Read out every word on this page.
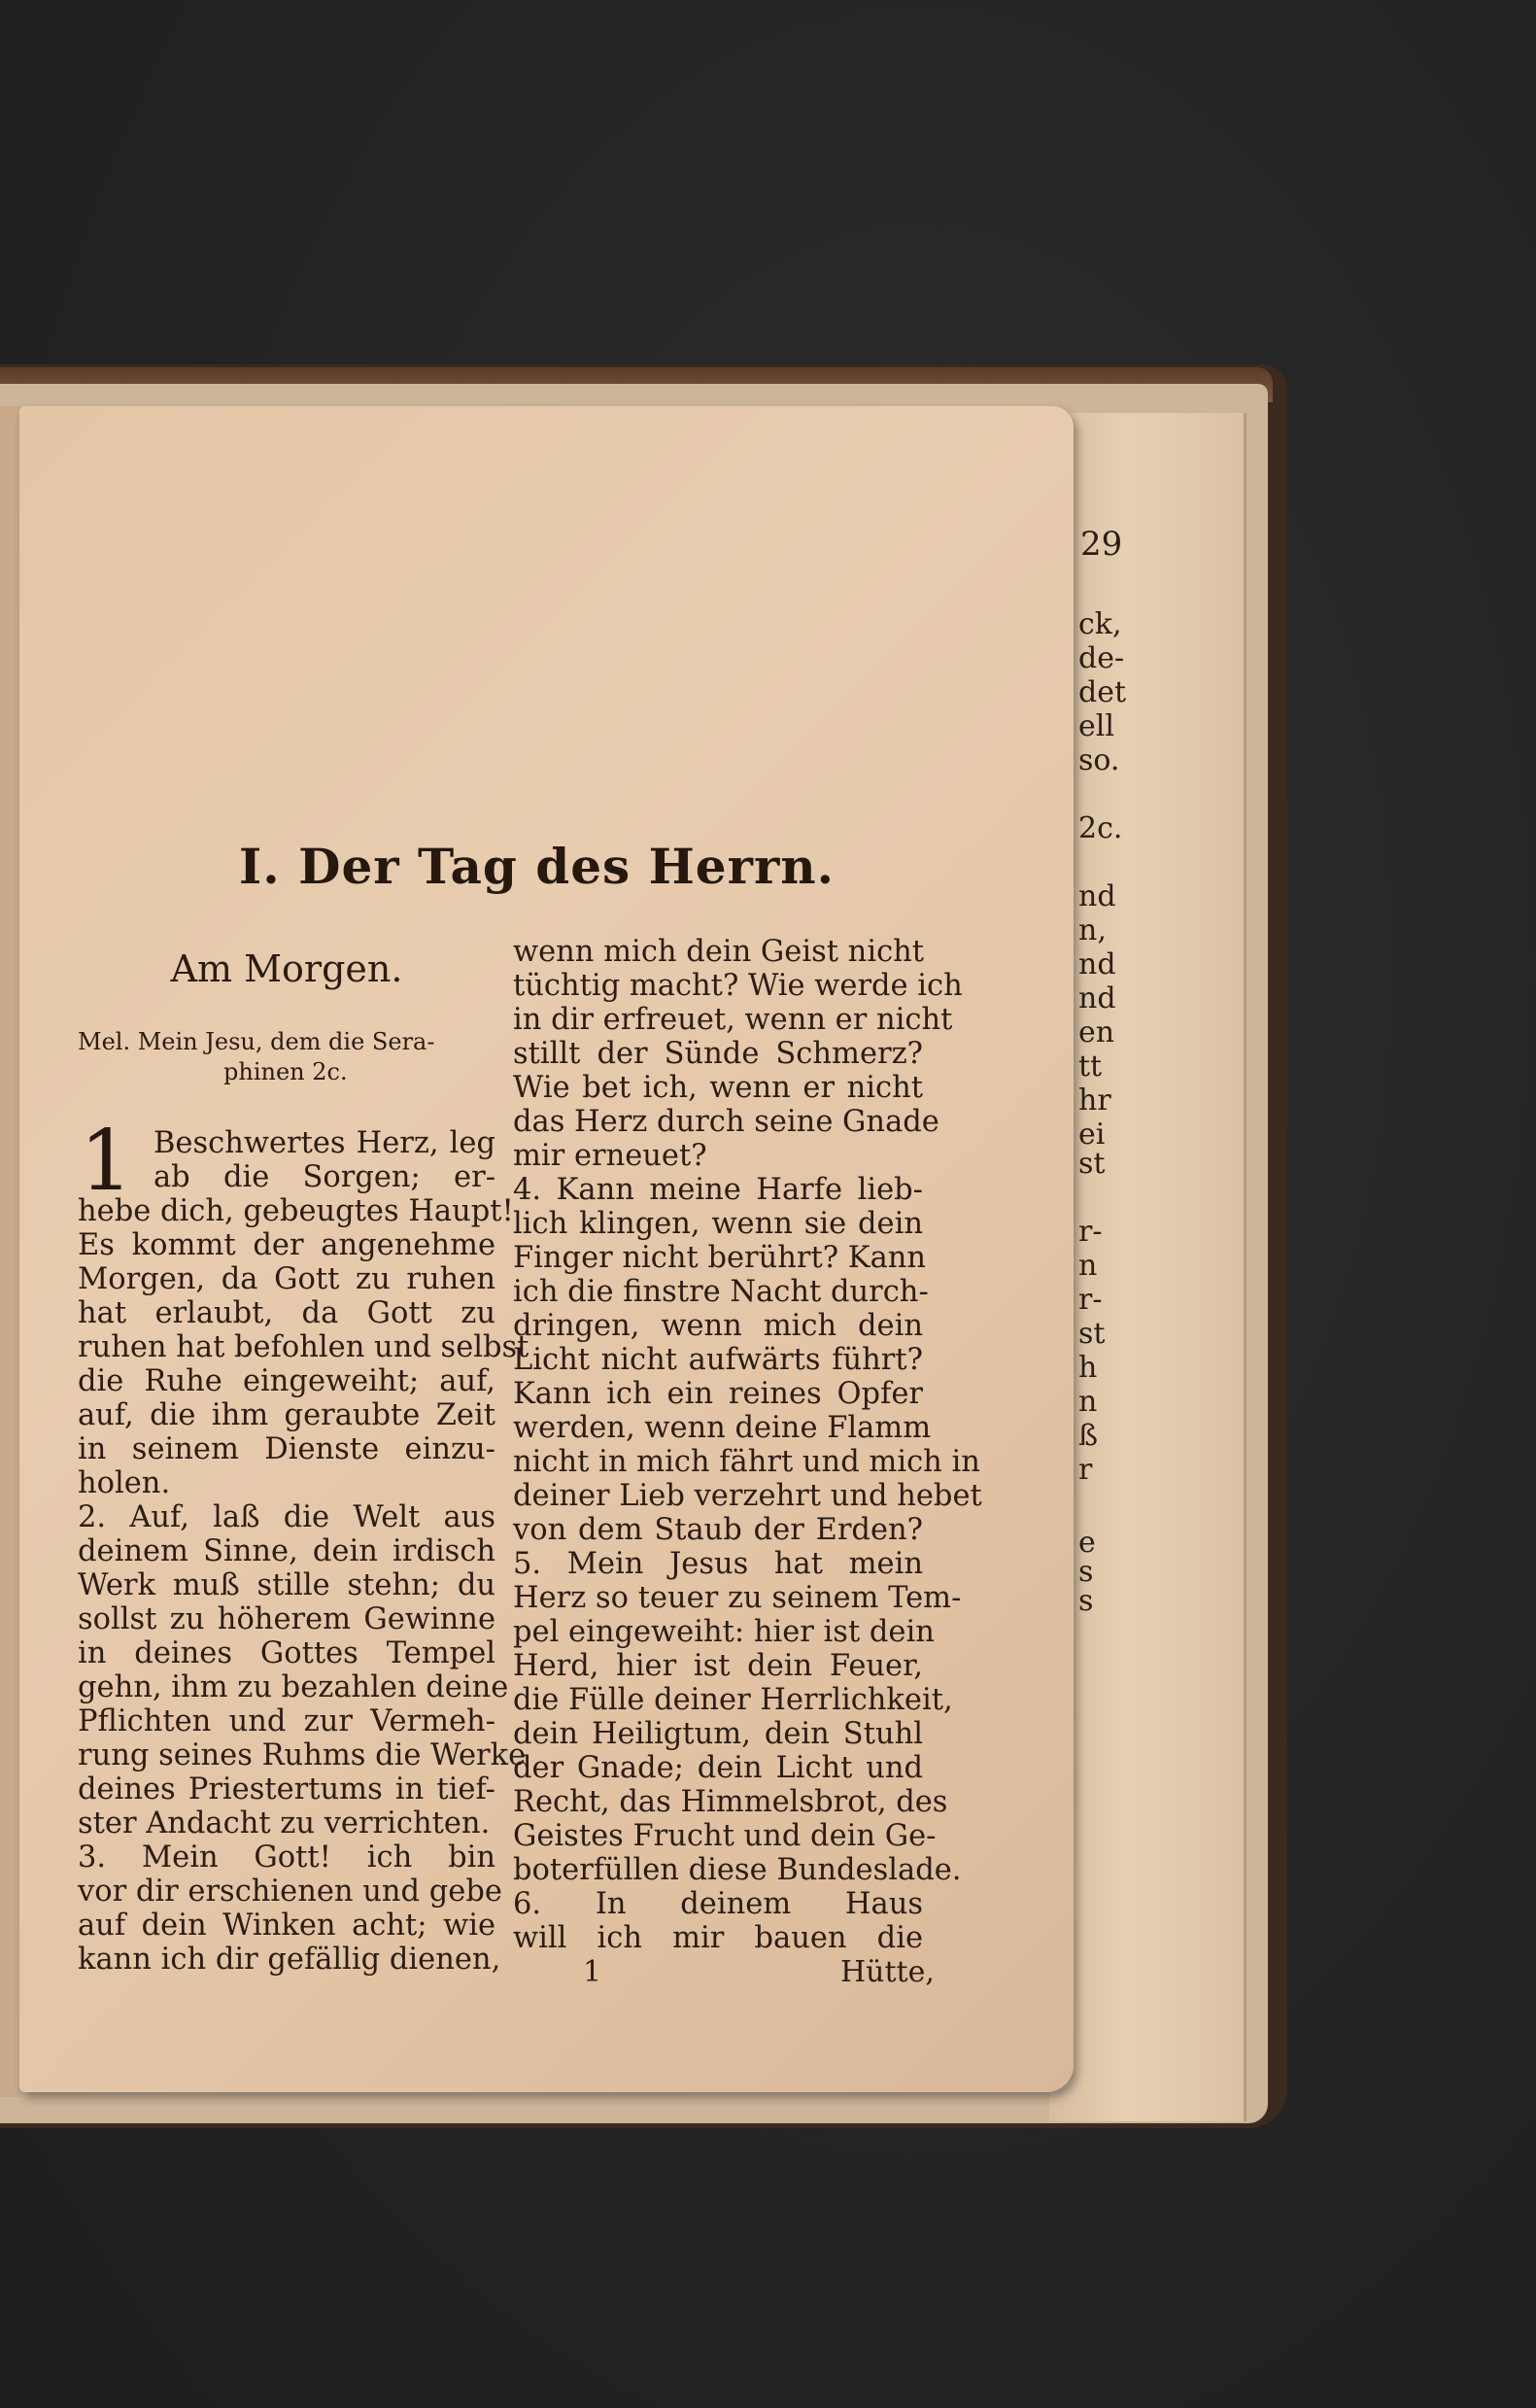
29
ck,
de-
det
ell
so.
2c.
nd
n,
nd
nd
en
tt
hr
ei
st
r-
n
r-
st
h
n
ß
r
e
s
s
I. Der Tag des Herrn.
Am Morgen.
Mel. Mein Jesu, dem die Sera-
phinen 2c.
1 Beschwertes Herz, leg
ab die Sorgen; er-
hebe dich, gebeugtes Haupt!
Es kommt der angenehme
Morgen, da Gott zu ruhen
hat erlaubt, da Gott zu
ruhen hat befohlen und selbst
die Ruhe eingeweiht; auf,
auf, die ihm geraubte Zeit
in seinem Dienste einzu-
holen.
2. Auf, laß die Welt aus
deinem Sinne, dein irdisch
Werk muß stille stehn; du
sollst zu höherem Gewinne
in deines Gottes Tempel
gehn, ihm zu bezahlen deine
Pflichten und zur Vermeh-
rung seines Ruhms die Werke
deines Priestertums in tief-
ster Andacht zu verrichten.
3. Mein Gott! ich bin
vor dir erschienen und gebe
auf dein Winken acht; wie
kann ich dir gefällig dienen,
wenn mich dein Geist nicht
tüchtig macht? Wie werde ich
in dir erfreuet, wenn er nicht
stillt der Sünde Schmerz?
Wie bet ich, wenn er nicht
das Herz durch seine Gnade
mir erneuet?
4. Kann meine Harfe lieb-
lich klingen, wenn sie dein
Finger nicht berührt? Kann
ich die finstre Nacht durch-
dringen, wenn mich dein
Licht nicht aufwärts führt?
Kann ich ein reines Opfer
werden, wenn deine Flamm
nicht in mich fährt und mich in
deiner Lieb verzehrt und hebet
von dem Staub der Erden?
5. Mein Jesus hat mein
Herz so teuer zu seinem Tem-
pel eingeweiht: hier ist dein
Herd, hier ist dein Feuer,
die Fülle deiner Herrlichkeit,
dein Heiligtum, dein Stuhl
der Gnade; dein Licht und
Recht, das Himmelsbrot, des
Geistes Frucht und dein Ge-
boterfüllen diese Bundeslade.
6. In deinem Haus
will ich mir bauen die
1	Hütte,
